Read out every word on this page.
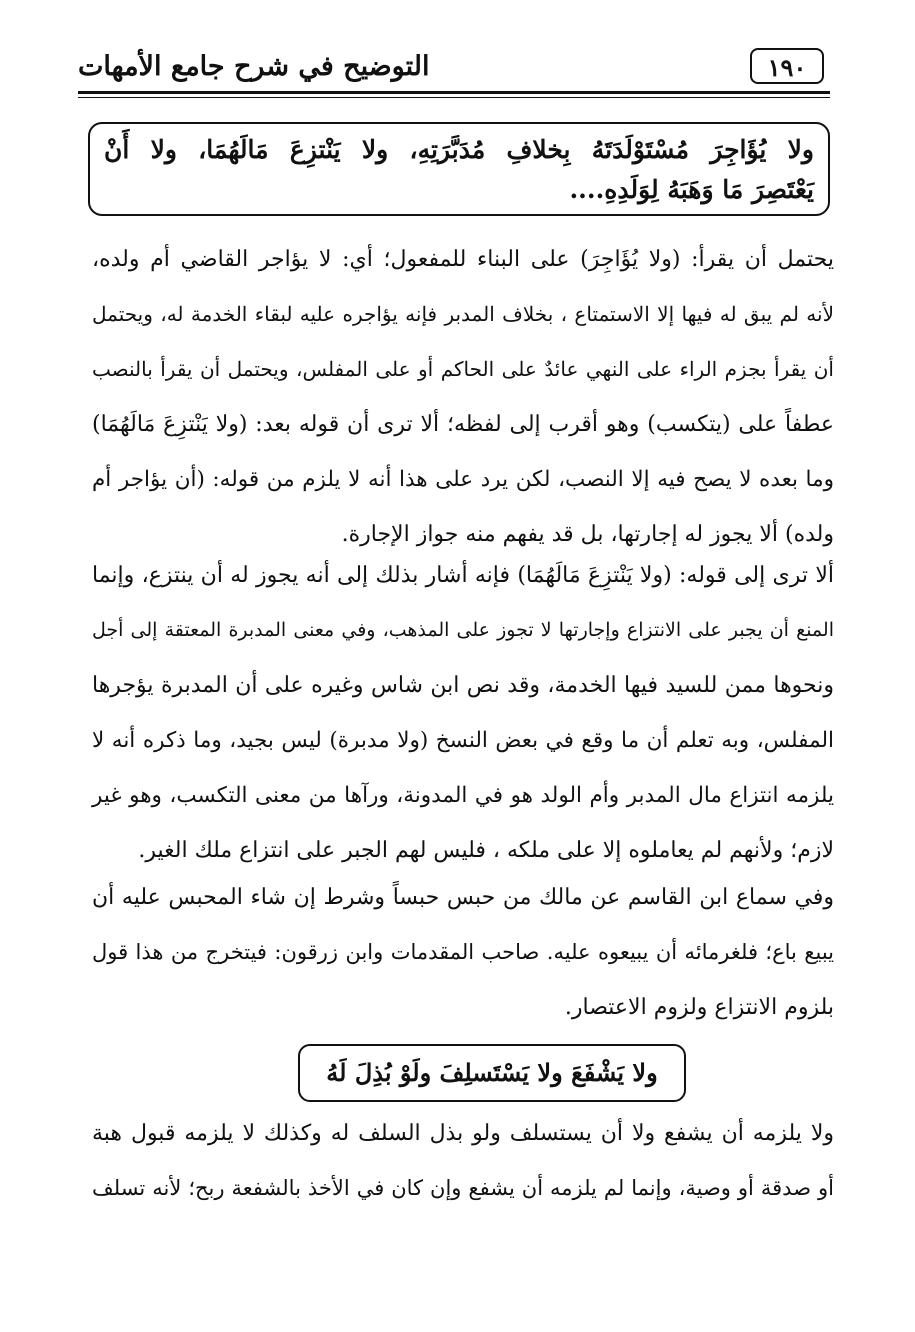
التوضيح في شرح جامع الأمهات	١٩٠
ولا يُؤَاجِرَ مُسْتَوْلَدَتَهُ بِخلافِ مُدَبَّرَتِهِ، ولا يَنْتزِعَ مَالَهُمَا، ولا أَنْ
يَعْتَصِرَ مَا وَهَبَهُ لِوَلَدِهِ....
يحتمل أن يقرأ: (ولا يُؤَاجِرَ) على البناء للمفعول؛ أي: لا يؤاجر القاضي أم ولده،
لأنه لم يبق له فيها إلا الاستمتاع ، بخلاف المدبر فإنه يؤاجره عليه لبقاء الخدمة له، ويحتمل
أن يقرأ بجزم الراء على النهي عائدٌ على الحاكم أو على المفلس، ويحتمل أن يقرأ بالنصب
عطفاً على (يتكسب) وهو أقرب إلى لفظه؛ ألا ترى أن قوله بعد: (ولا يَنْتزِعَ مَالَهُمَا)
وما بعده لا يصح فيه إلا النصب، لكن يرد على هذا أنه لا يلزم من قوله: (أن يؤاجر أم
ولده) ألا يجوز له إجارتها، بل قد يفهم منه جواز الإجارة.
ألا ترى إلى قوله: (ولا يَنْتزِعَ مَالَهُمَا) فإنه أشار بذلك إلى أنه يجوز له أن ينتزع، وإنما
المنع أن يجبر على الانتزاع وإجارتها لا تجوز على المذهب، وفي معنى المدبرة المعتقة إلى أجل
ونحوها ممن للسيد فيها الخدمة، وقد نص ابن شاس وغيره على أن المدبرة يؤجرها
المفلس، وبه تعلم أن ما وقع في بعض النسخ (ولا مدبرة) ليس بجيد، وما ذكره أنه لا
يلزمه انتزاع مال المدبر وأم الولد هو في المدونة، ورآها من معنى التكسب، وهو غير
لازم؛ ولأنهم لم يعاملوه إلا على ملكه ، فليس لهم الجبر على انتزاع ملك الغير.
وفي سماع ابن القاسم عن مالك من حبس حبساً وشرط إن شاء المحبس عليه أن
يبيع باع؛ فلغرمائه أن يبيعوه عليه. صاحب المقدمات وابن زرقون: فيتخرج من هذا قول
بلزوم الانتزاع ولزوم الاعتصار.
ولا يَشْفَعَ ولا يَسْتَسلِفَ ولَوْ بُذِلَ لَهُ
ولا يلزمه أن يشفع ولا أن يستسلف ولو بذل السلف له وكذلك لا يلزمه قبول هبة
أو صدقة أو وصية، وإنما لم يلزمه أن يشفع وإن كان في الأخذ بالشفعة ربح؛ لأنه تسلف
